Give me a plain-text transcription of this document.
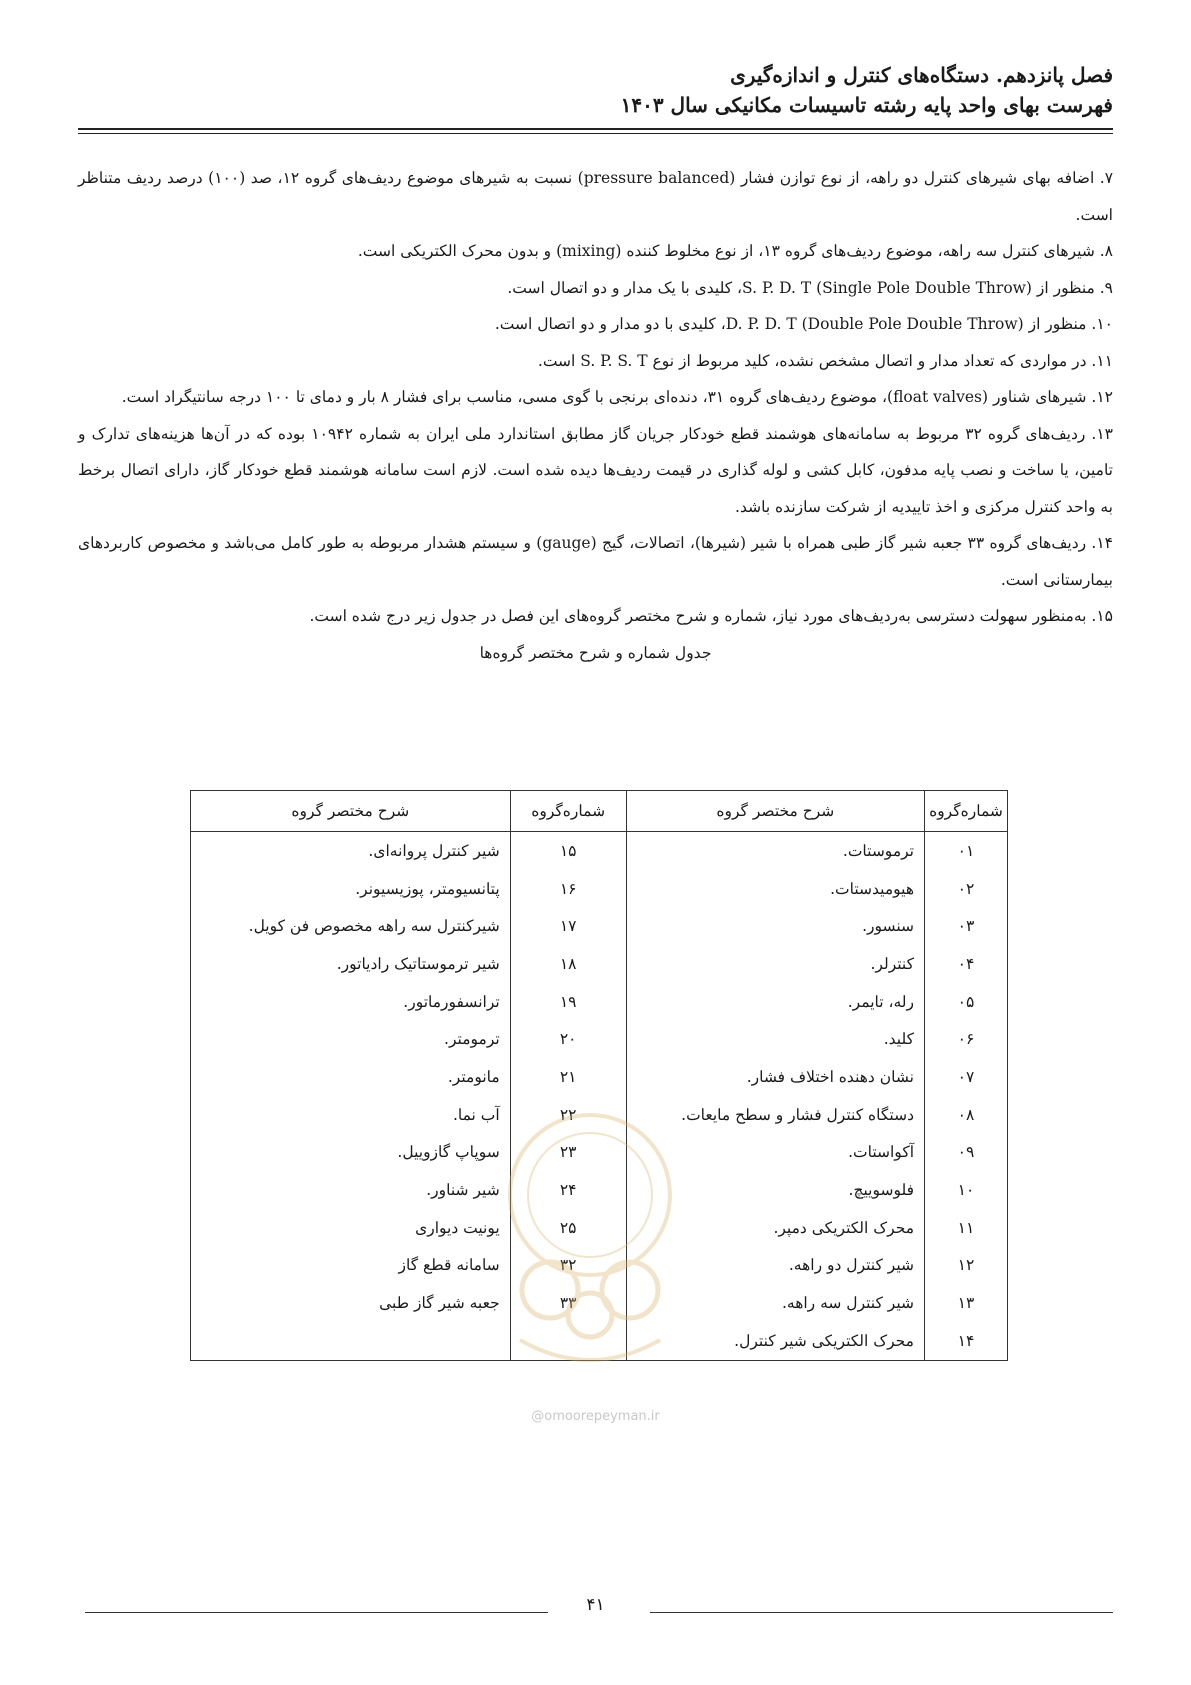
فصل پانزدهم. دستگاه‌های کنترل و اندازه‌گیری
فهرست بهای واحد پایه رشته تاسیسات مکانیکی سال ۱۴۰۳

۷. اضافه بهای شیرهای کنترل دو راهه، از نوع توازن فشار (pressure balanced) نسبت به شیرهای موضوع ردیف‌های گروه ۱۲، صد (۱۰۰) درصد ردیف متناظر است.

۸. شیرهای کنترل سه راهه، موضوع ردیف‌های گروه ۱۳، از نوع مخلوط کننده (mixing) و بدون محرک الکتریکی است.

۹. منظور از S. P. D. T (Single Pole Double Throw)، کلیدی با یک مدار و دو اتصال است.

۱۰. منظور از D. P. D. T (Double Pole Double Throw)، کلیدی با دو مدار و دو اتصال است.

۱۱. در مواردی که تعداد مدار و اتصال مشخص نشده، کلید مربوط از نوع S. P. S. T است.

۱۲. شیرهای شناور (float valves)، موضوع ردیف‌های گروه ۳۱، دنده‌ای برنجی با گوی مسی، مناسب برای فشار ۸ بار و دمای تا ۱۰۰ درجه سانتیگراد است.

۱۳. ردیف‌های گروه ۳۲ مربوط به سامانه‌های هوشمند قطع خودکار جریان گاز مطابق استاندارد ملی ایران به شماره ۱۰۹۴۲ بوده که در آن‌ها هزینه‌های تدارک و تامین، یا ساخت و نصب پایه مدفون، کابل کشی و لوله گذاری در قیمت ردیف‌ها دیده شده است. لازم است سامانه هوشمند قطع خودکار گاز، دارای اتصال برخط به واحد کنترل مرکزی و اخذ تاییدیه از شرکت سازنده باشد.

۱۴. ردیف‌های گروه ۳۳ جعبه شیر گاز طبی همراه با شیر (شیرها)، اتصالات، گیج (gauge) و سیستم هشدار مربوطه به طور کامل می‌باشد و مخصوص کاربردهای بیمارستانی است.

۱۵. به‌منظور سهولت دسترسی به‌ردیف‌های مورد نیاز، شماره و شرح مختصر گروه‌های این فصل در جدول زیر درج شده است.

جدول شماره و شرح مختصر گروه‌ها
شماره‌گروه	شرح مختصر گروه	شماره‌گروه	شرح مختصر گروه
۰۱	ترموستات.	۱۵	شیر کنترل پروانه‌ای.
۰۲	هیومیدستات.	۱۶	پتانسیومتر، پوزیسیونر.
۰۳	سنسور.	۱۷	شیرکنترل سه راهه مخصوص فن کویل.
۰۴	کنترلر.	۱۸	شیر ترموستاتیک رادیاتور.
۰۵	رله، تایمر.	۱۹	ترانسفورماتور.
۰۶	کلید.	۲۰	ترمومتر.
۰۷	نشان دهنده اختلاف فشار.	۲۱	مانومتر.
۰۸	دستگاه کنترل فشار و سطح مایعات.	۲۲	آب نما.
۰۹	آکواستات.	۲۳	سوپاپ گازوییل.
۱۰	فلوسوییچ.	۲۴	شیر شناور.
۱۱	محرک الکتریکی دمپر.	۲۵	یونیت دیواری
۱۲	شیر کنترل دو راهه.	۳۲	سامانه قطع گاز
۱۳	شیر کنترل سه راهه.	۳۳	جعبه شیر گاز طبی
۱۴	محرک الکتریکی شیر کنترل.		
@omoorepeyman.ir
۴۱
